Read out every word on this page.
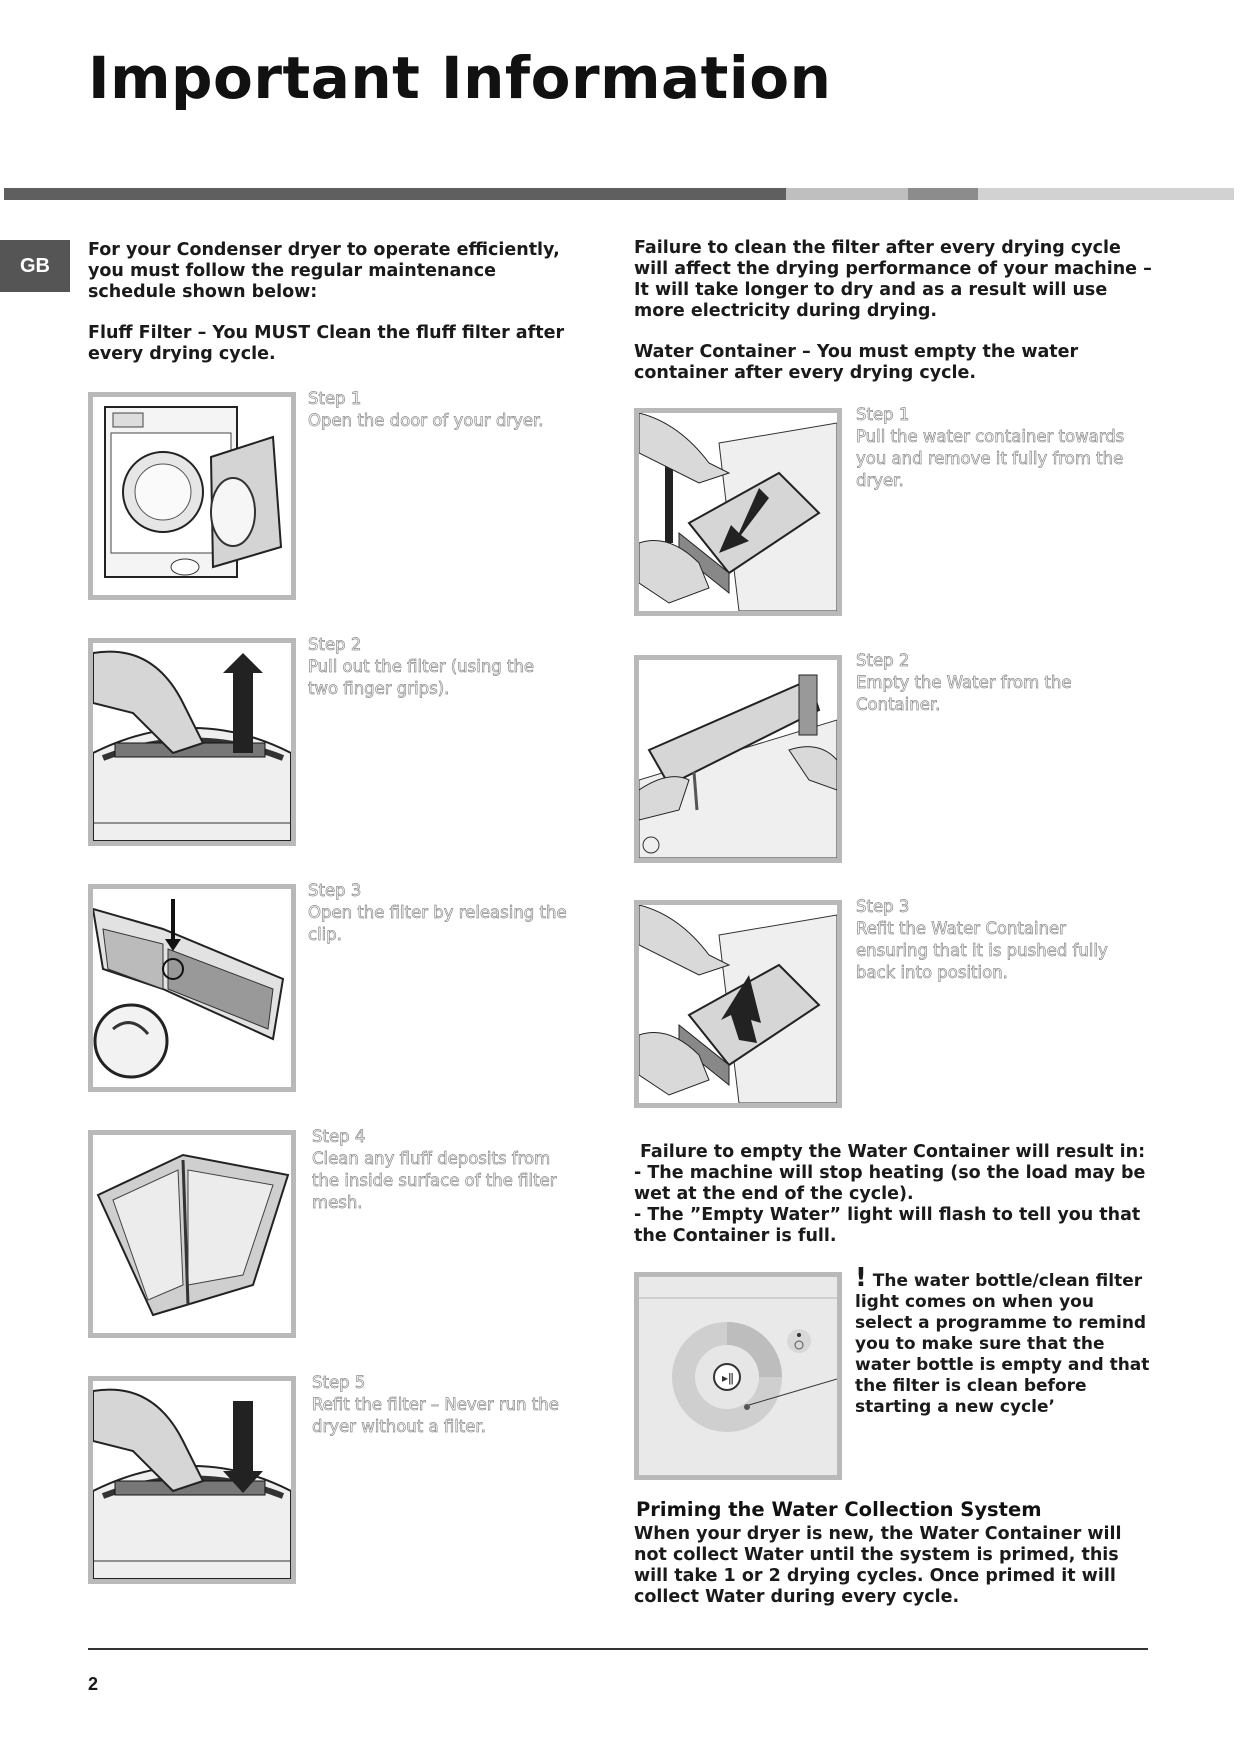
Important Information
GB
For your Condenser dryer to operate efficiently, you must follow the regular maintenance schedule shown below:
Fluff Filter – You MUST Clean the fluff filter after every drying cycle.
Step 1
Open the door of your dryer.
Step 2
Pull out the filter (using the two finger grips).
Step 3
Open the filter by releasing the clip.
Step 4
Clean any fluff deposits from the inside surface of the filter mesh.
Step 5
Refit the filter – Never run the dryer without a filter.
Failure to clean the filter after every drying cycle will affect the drying performance of your machine – It will take longer to dry and as a result will use more electricity during drying.
Water Container – You must empty the water container after every drying cycle.
Step 1
Pull the water container towards you and remove it fully from the dryer.
Step 2
Empty the Water from the Container.
Step 3
Refit the Water Container ensuring that it is pushed fully back into position.
Failure to empty the Water Container will result in:
- The machine will stop heating (so the load may be wet at the end of the cycle).
- The ”Empty Water” light will flash to tell you that the Container is full.
▸ǁ
! The water bottle/clean filter light comes on when you select a programme to remind you to make sure that the water bottle is empty and that the filter is clean before starting a new cycle’
Priming the Water Collection System
When your dryer is new, the Water Container will not collect Water until the system is primed, this will take 1 or 2 drying cycles. Once primed it will collect Water during every cycle.
2
